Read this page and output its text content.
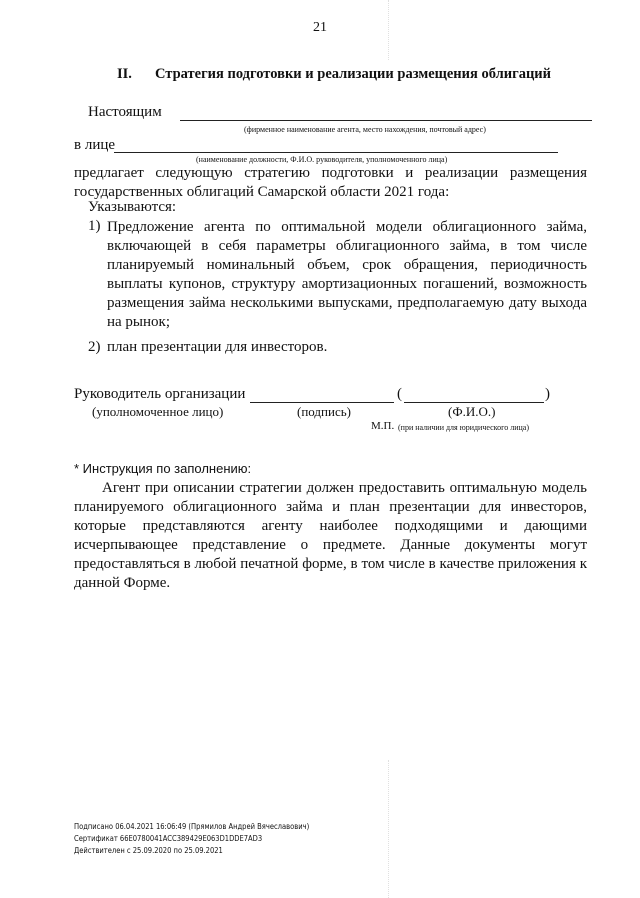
21
II. Стратегия подготовки и реализации размещения облигаций
Настоящим
(фирменное наименование агента, место нахождения, почтовый адрес)
в лице
(наименование должности, Ф.И.О. руководителя, уполномоченного лица)
предлагает следующую стратегию подготовки и реализации размещения
государственных облигаций Самарской области 2021 года:
Указываются:
1) Предложение агента по оптимальной модели облигационного займа,
включающей в себя параметры облигационного займа, в том числе
планируемый номинальный объем, срок обращения, периодичность
выплаты купонов, структуру амортизационных погашений, возможность
размещения займа несколькими выпусками, предполагаемую дату выхода
на рынок;
2) план презентации для инвесторов.
Руководитель организации	(	)
(уполномоченное лицо)	(подпись)	(Ф.И.О.)
М.П. (при наличии для юридического лица)
* Инструкция по заполнению:
Агент при описании стратегии должен предоставить оптимальную модель
планируемого облигационного займа и план презентации для инвесторов,
которые представляются агенту наиболее подходящими и дающими
исчерпывающее представление о предмете. Данные документы могут
предоставляться в любой печатной форме, в том числе в качестве приложения к
данной Форме.
Подписано 06.04.2021 16:06:49 (Прямилов Андрей Вячеславович)
Сертификат 66E0780041ACC389429E063D1DDE7AD3
Действителен с 25.09.2020 по 25.09.2021
